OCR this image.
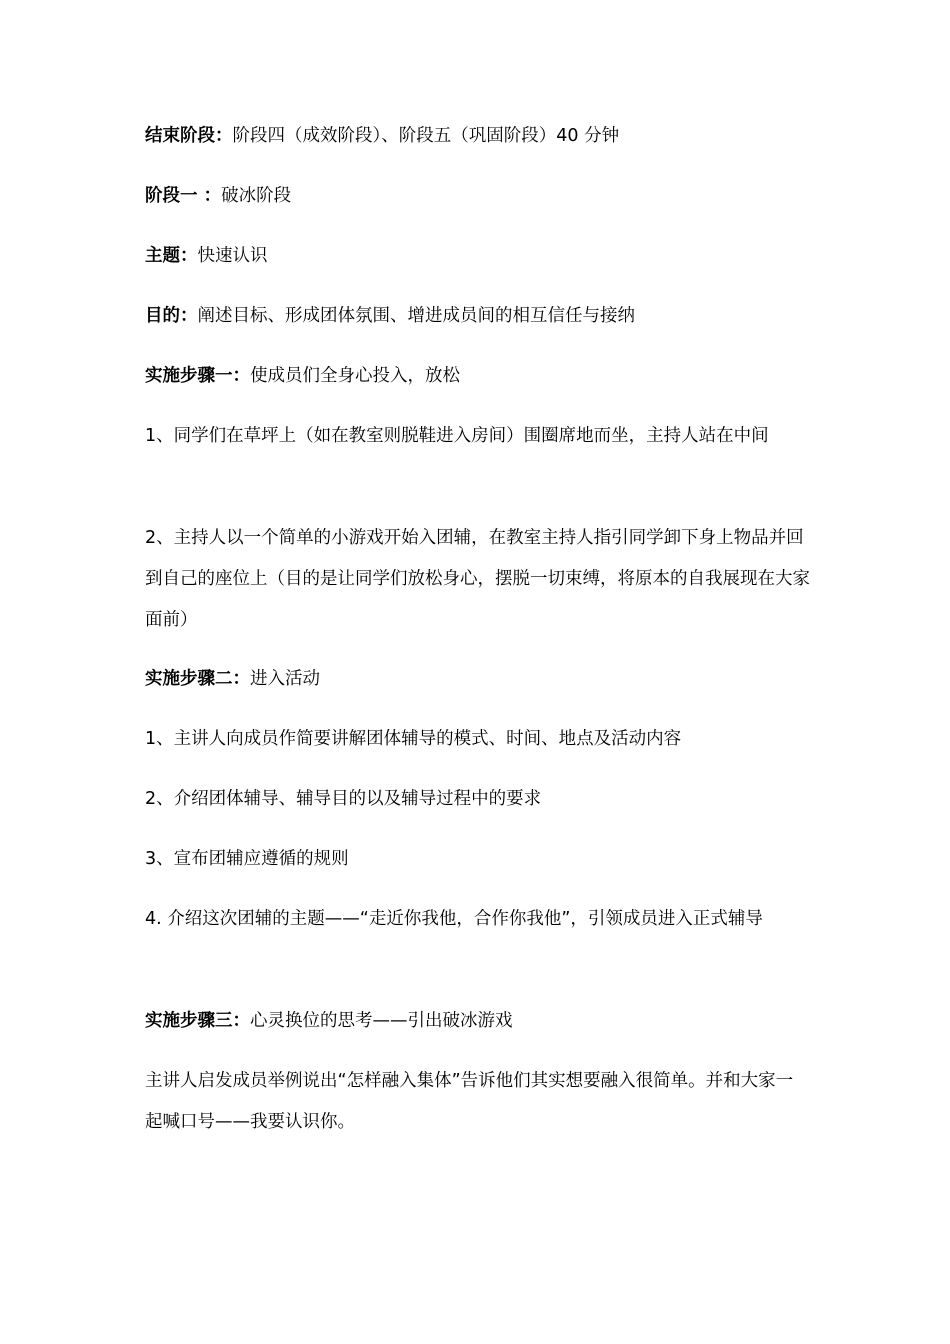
结束阶段：阶段四（成效阶段）、阶段五（巩固阶段）40 分钟

阶段一 ：破冰阶段

主题：快速认识

目的：阐述目标、形成团体氛围、增进成员间的相互信任与接纳

实施步骤一：使成员们全身心投入，放松

1、同学们在草坪上（如在教室则脱鞋进入房间）围圈席地而坐，主持人站在中间

2、主持人以一个简单的小游戏开始入团辅，在教室主持人指引同学卸下身上物品并回到自己的座位上（目的是让同学们放松身心，摆脱一切束缚，将原本的自我展现在大家面前）

实施步骤二：进入活动

1、主讲人向成员作简要讲解团体辅导的模式、时间、地点及活动内容

2、介绍团体辅导、辅导目的以及辅导过程中的要求

3、宣布团辅应遵循的规则

4. 介绍这次团辅的主题——“走近你我他，合作你我他”，引领成员进入正式辅导

实施步骤三：心灵换位的思考——引出破冰游戏

主讲人启发成员举例说出“怎样融入集体”告诉他们其实想要融入很简单。并和大家一起喊口号——我要认识你。
